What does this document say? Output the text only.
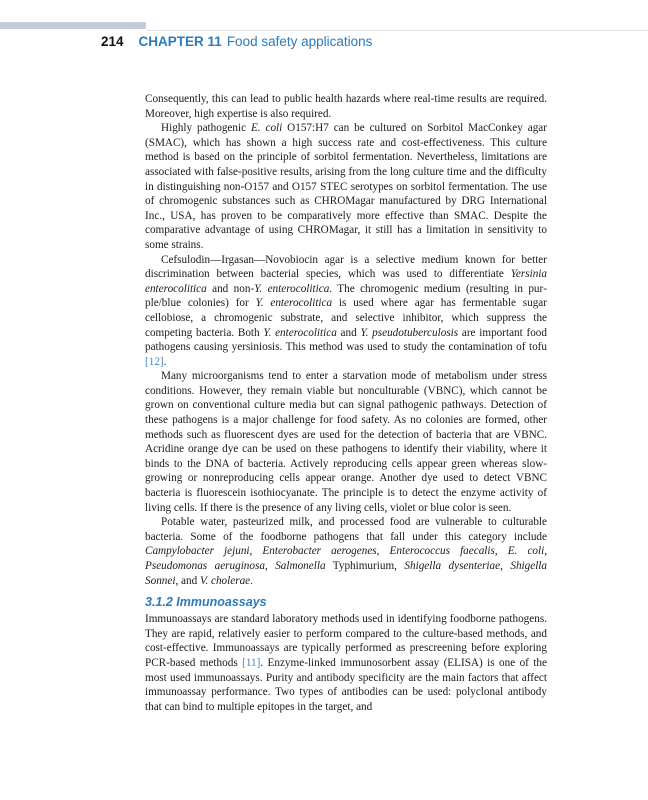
214 CHAPTER 11 Food safety applications

Consequently, this can lead to public health hazards where real-time results are required. Moreover, high expertise is also required.

Highly pathogenic E. coli O157:H7 can be cultured on Sorbitol MacConkey agar (SMAC), which has shown a high success rate and cost-effectiveness. This culture method is based on the principle of sorbitol fermentation. Nevertheless, limitations are associated with false-positive results, arising from the long culture time and the difficulty in distinguishing non-O157 and O157 STEC serotypes on sorbitol fermentation. The use of chromogenic substances such as CHROMagar manufactured by DRG International Inc., USA, has proven to be comparatively more effective than SMAC. Despite the comparative advantage of using CHROMagar, it still has a limitation in sensitivity to some strains.

Cefsulodin—Irgasan—Novobiocin agar is a selective medium known for better discrimination between bacterial species, which was used to differentiate Yersinia enterocolitica and non-Y. enterocolitica. The chromogenic medium (resulting in purple/blue colonies) for Y. enterocolitica is used where agar has fermentable sugar cellobiose, a chromogenic substrate, and selective inhibitor, which suppress the competing bacteria. Both Y. enterocolitica and Y. pseudotuberculosis are important food pathogens causing yersiniosis. This method was used to study the contamination of tofu [12].

Many microorganisms tend to enter a starvation mode of metabolism under stress conditions. However, they remain viable but nonculturable (VBNC), which cannot be grown on conventional culture media but can signal pathogenic pathways. Detection of these pathogens is a major challenge for food safety. As no colonies are formed, other methods such as fluorescent dyes are used for the detection of bacteria that are VBNC. Acridine orange dye can be used on these pathogens to identify their viability, where it binds to the DNA of bacteria. Actively reproducing cells appear green whereas slow-growing or nonreproducing cells appear orange. Another dye used to detect VBNC bacteria is fluorescein isothiocyanate. The principle is to detect the enzyme activity of living cells. If there is the presence of any living cells, violet or blue color is seen.

Potable water, pasteurized milk, and processed food are vulnerable to culturable bacteria. Some of the foodborne pathogens that fall under this category include Campylobacter jejuni, Enterobacter aerogenes, Enterococcus faecalis, E. coli, Pseudomonas aeruginosa, Salmonella Typhimurium, Shigella dysenteriae, Shigella Sonnei, and V. cholerae.

3.1.2 Immunoassays

Immunoassays are standard laboratory methods used in identifying foodborne pathogens. They are rapid, relatively easier to perform compared to the culture-based methods, and cost-effective. Immunoassays are typically performed as prescreening before exploring PCR-based methods [11]. Enzyme-linked immunosorbent assay (ELISA) is one of the most used immunoassays. Purity and antibody specificity are the main factors that affect immunoassay performance. Two types of antibodies can be used: polyclonal antibody that can bind to multiple epitopes in the target, and
